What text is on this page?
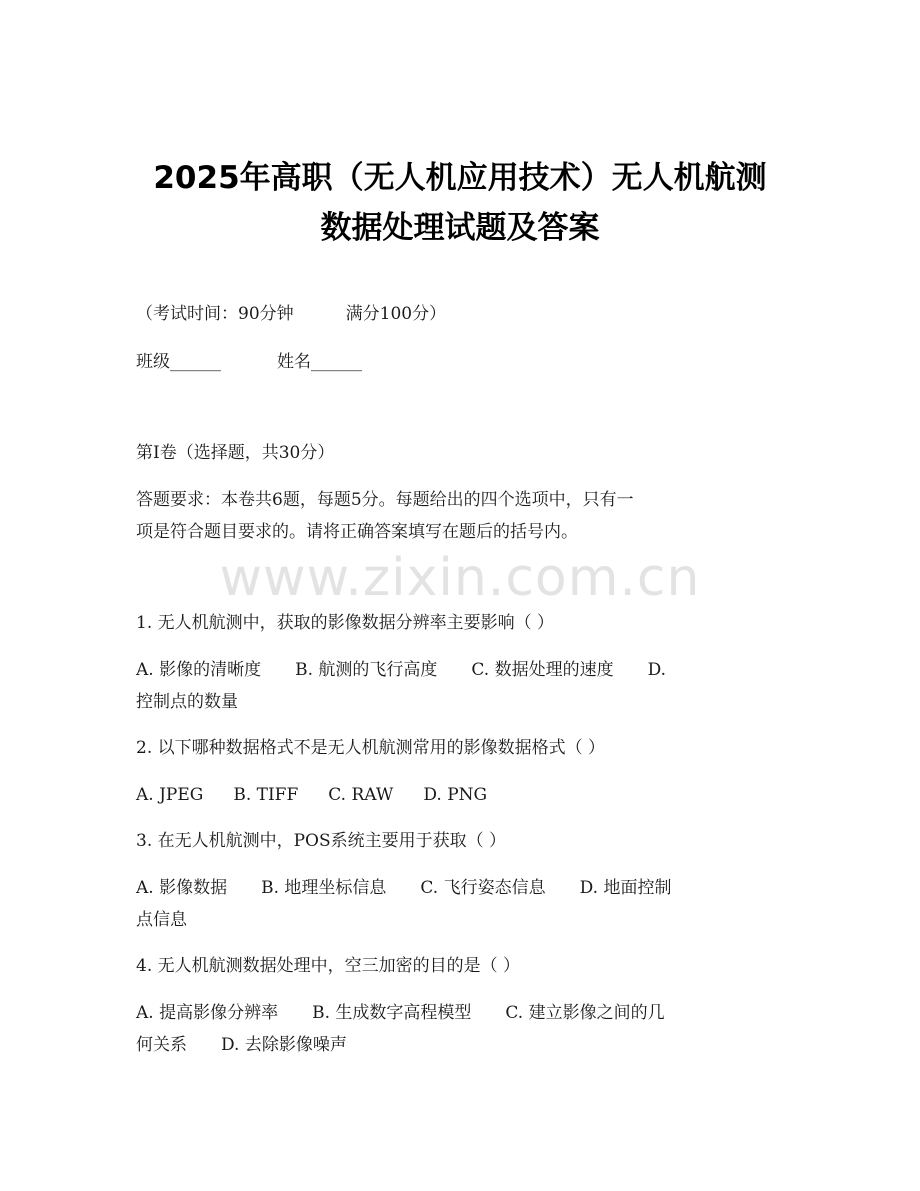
2025年高职（无人机应用技术）无人机航测
数据处理试题及答案
（考试时间：90分钟	满分100分）
班级______	姓名______
第I卷（选择题，共30分）
答题要求：本卷共6题，每题5分。每题给出的四个选项中，只有一
项是符合题目要求的。请将正确答案填写在题后的括号内。
www.zixin.com.cn
1. 无人机航测中，获取的影像数据分辨率主要影响（ ）
A. 影像的清晰度 B. 航测的飞行高度 C. 数据处理的速度 D.
控制点的数量
2. 以下哪种数据格式不是无人机航测常用的影像数据格式（ ）
A. JPEG B. TIFF C. RAW D. PNG
3. 在无人机航测中，POS系统主要用于获取（ ）
A. 影像数据 B. 地理坐标信息 C. 飞行姿态信息 D. 地面控制
点信息
4. 无人机航测数据处理中，空三加密的目的是（ ）
A. 提高影像分辨率 B. 生成数字高程模型 C. 建立影像之间的几
何关系 D. 去除影像噪声
